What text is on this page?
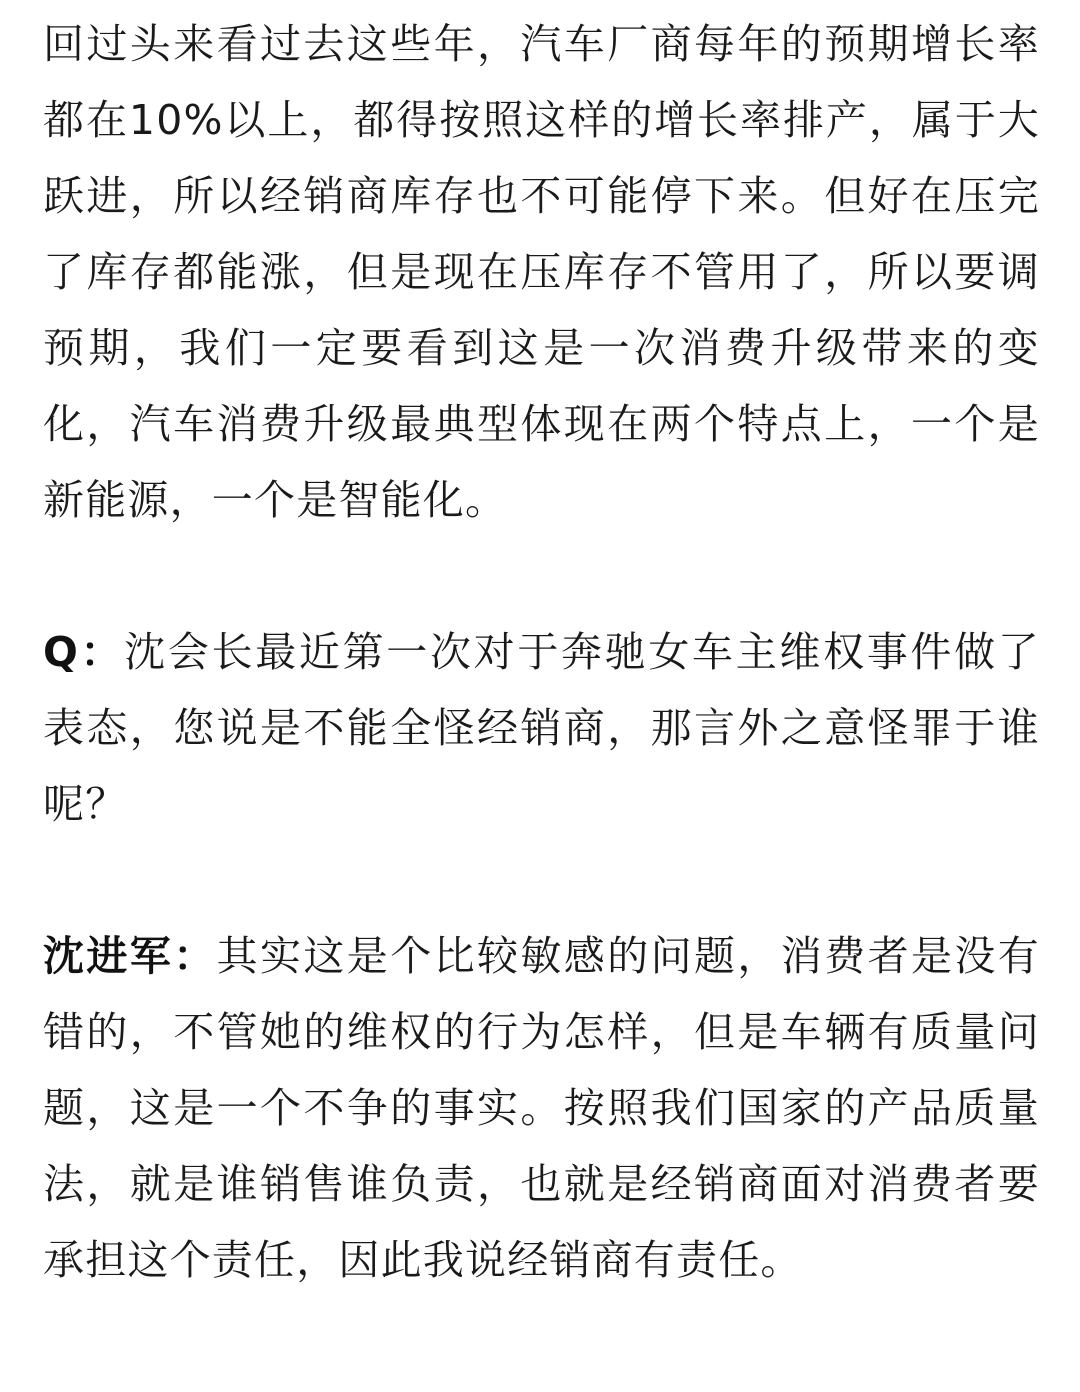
回过头来看过去这些年，汽车厂商每年的预期增长率都在10%以上，都得按照这样的增长率排产，属于大跃进，所以经销商库存也不可能停下来。但好在压完了库存都能涨，但是现在压库存不管用了，所以要调预期，我们一定要看到这是一次消费升级带来的变化，汽车消费升级最典型体现在两个特点上，一个是新能源，一个是智能化。

Q：沈会长最近第一次对于奔驰女车主维权事件做了表态，您说是不能全怪经销商，那言外之意怪罪于谁呢？

沈进军：其实这是个比较敏感的问题，消费者是没有错的，不管她的维权的行为怎样，但是车辆有质量问题，这是一个不争的事实。按照我们国家的产品质量法，就是谁销售谁负责，也就是经销商面对消费者要承担这个责任，因此我说经销商有责任。
